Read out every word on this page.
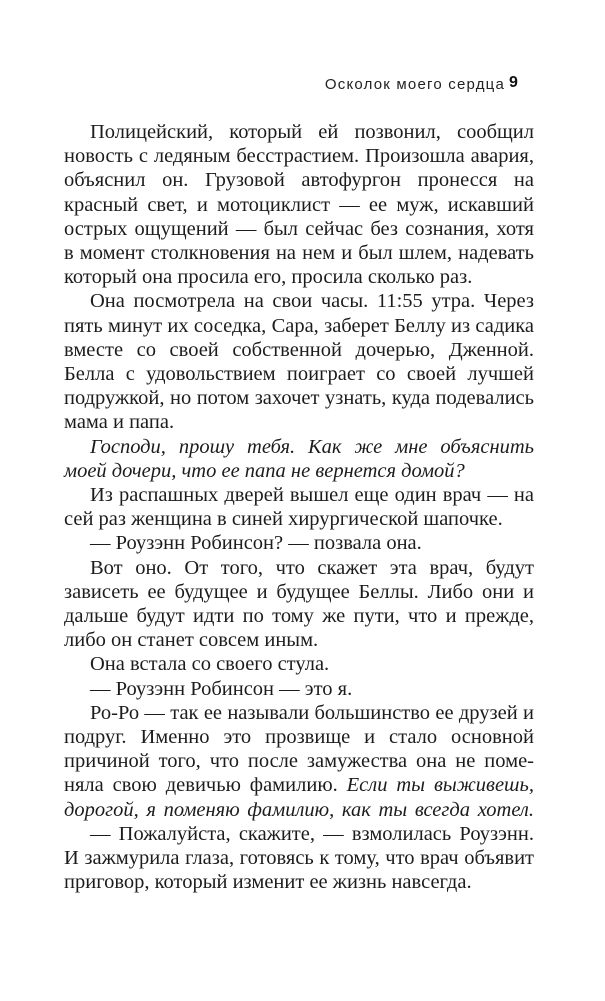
Осколок моего сердца 9

Полицейский, который ей позвонил, сообщил новость с ледяным бесстрастием. Произошла авария, объяснил он. Грузовой автофургон пронесся на красный свет, и мотоциклист — ее муж, искавший острых ощущений — был сейчас без сознания, хотя в момент столкновения на нем и был шлем, надевать который она просила его, просила сколько раз.

Она посмотрела на свои часы. 11:55 утра. Через пять минут их соседка, Сара, заберет Беллу из садика вместе со своей собственной дочерью, Дженной. Белла с удовольствием поиграет со своей лучшей подружкой, но потом захочет узнать, куда подевались мама и папа.

Господи, прошу тебя. Как же мне объяснить моей дочери, что ее папа не вернется домой?

Из распашных дверей вышел еще один врач — на сей раз женщина в синей хирургической шапочке.

— Роузэнн Робинсон? — позвала она.

Вот оно. От того, что скажет эта врач, будут зависеть ее будущее и будущее Беллы. Либо они и дальше будут идти по тому же пути, что и прежде, либо он станет совсем иным.

Она встала со своего стула.

— Роузэнн Робинсон — это я.

Ро-Ро — так ее называли большинство ее друзей и подруг. Именно это прозвище и стало основной причиной того, что после замужества она не поменяла свою девичью фамилию. Если ты выживешь, дорогой, я поменяю фамилию, как ты всегда хотел.

— Пожалуйста, скажите, — взмолилась Роузэнн. И зажмурила глаза, готовясь к тому, что врач объявит приговор, который изменит ее жизнь навсегда.
